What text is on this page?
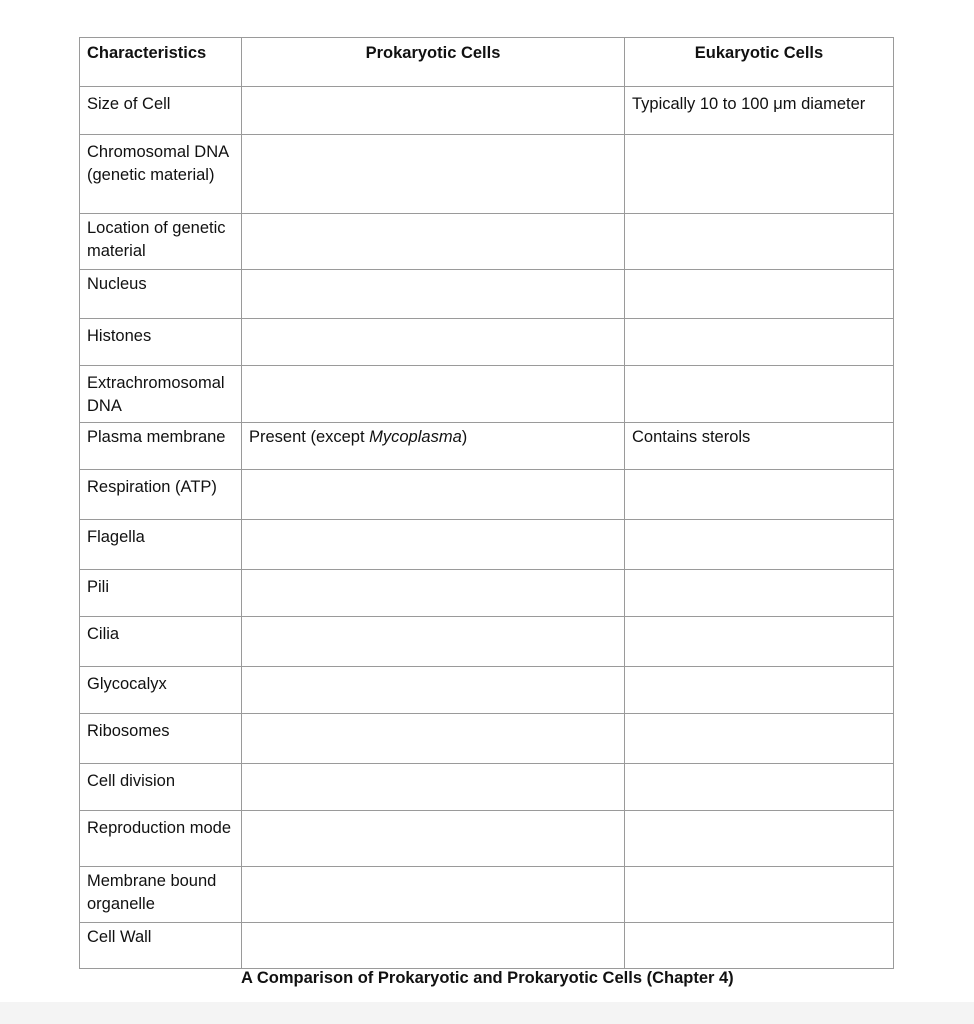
Characteristics	Prokaryotic Cells	Eukaryotic Cells
Size of Cell		Typically 10 to 100 μm diameter
Chromosomal DNA (genetic material)		
Location of genetic material		
Nucleus		
Histones		
Extrachromosomal DNA		
Plasma membrane	Present (except Mycoplasma)	Contains sterols
Respiration (ATP)		
Flagella		
Pili		
Cilia		
Glycocalyx		
Ribosomes		
Cell division		
Reproduction mode		
Membrane bound organelle		
Cell Wall		
A Comparison of Prokaryotic and Prokaryotic Cells (Chapter 4)
